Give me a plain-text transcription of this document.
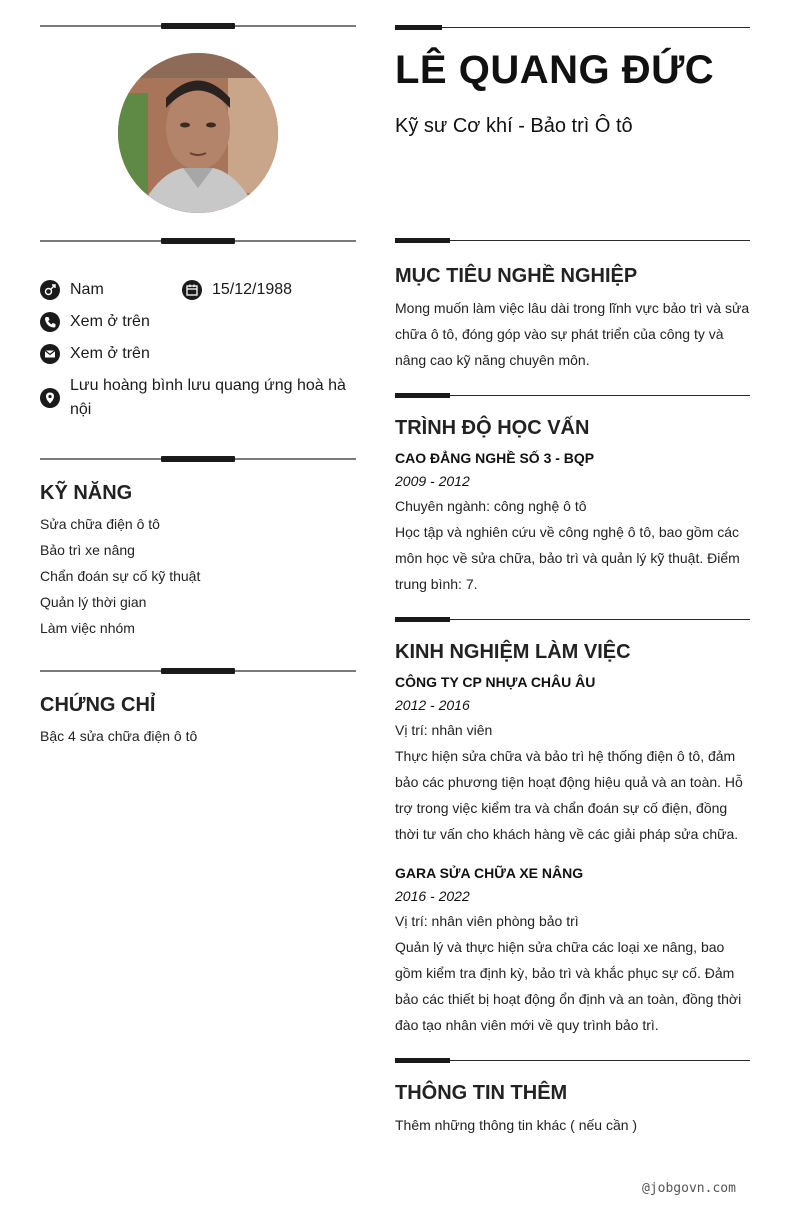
Nam	15/12/1988
Xem ở trên
Xem ở trên
Lưu hoàng bình lưu quang ứng hoà hà
nội
KỸ NĂNG
Sửa chữa điện ô tô
Bảo trì xe nâng
Chẩn đoán sự cố kỹ thuật
Quản lý thời gian
Làm việc nhóm
CHỨNG CHỈ
Bậc 4 sửa chữa điện ô tô
LÊ QUANG ĐỨC
Kỹ sư Cơ khí - Bảo trì Ô tô
MỤC TIÊU NGHỀ NGHIỆP
Mong muốn làm việc lâu dài trong lĩnh vực bảo trì và sửa
chữa ô tô, đóng góp vào sự phát triển của công ty và
nâng cao kỹ năng chuyên môn.
TRÌNH ĐỘ HỌC VẤN
CAO ĐẲNG NGHỀ SỐ 3 - BQP
2009 - 2012
Chuyên ngành: công nghệ ô tô
Học tập và nghiên cứu về công nghệ ô tô, bao gồm các
môn học về sửa chữa, bảo trì và quản lý kỹ thuật. Điểm
trung bình: 7.
KINH NGHIỆM LÀM VIỆC
CÔNG TY CP NHỰA CHÂU ÂU
2012 - 2016
Vị trí: nhân viên
Thực hiện sửa chữa và bảo trì hệ thống điện ô tô, đảm
bảo các phương tiện hoạt động hiệu quả và an toàn. Hỗ
trợ trong việc kiểm tra và chẩn đoán sự cố điện, đồng
thời tư vấn cho khách hàng về các giải pháp sửa chữa.
GARA SỬA CHỮA XE NÂNG
2016 - 2022
Vị trí: nhân viên phòng bảo trì
Quản lý và thực hiện sửa chữa các loại xe nâng, bao
gồm kiểm tra định kỳ, bảo trì và khắc phục sự cố. Đảm
bảo các thiết bị hoạt động ổn định và an toàn, đồng thời
đào tạo nhân viên mới về quy trình bảo trì.
THÔNG TIN THÊM
Thêm những thông tin khác ( nếu cần )
@jobgovn.com
